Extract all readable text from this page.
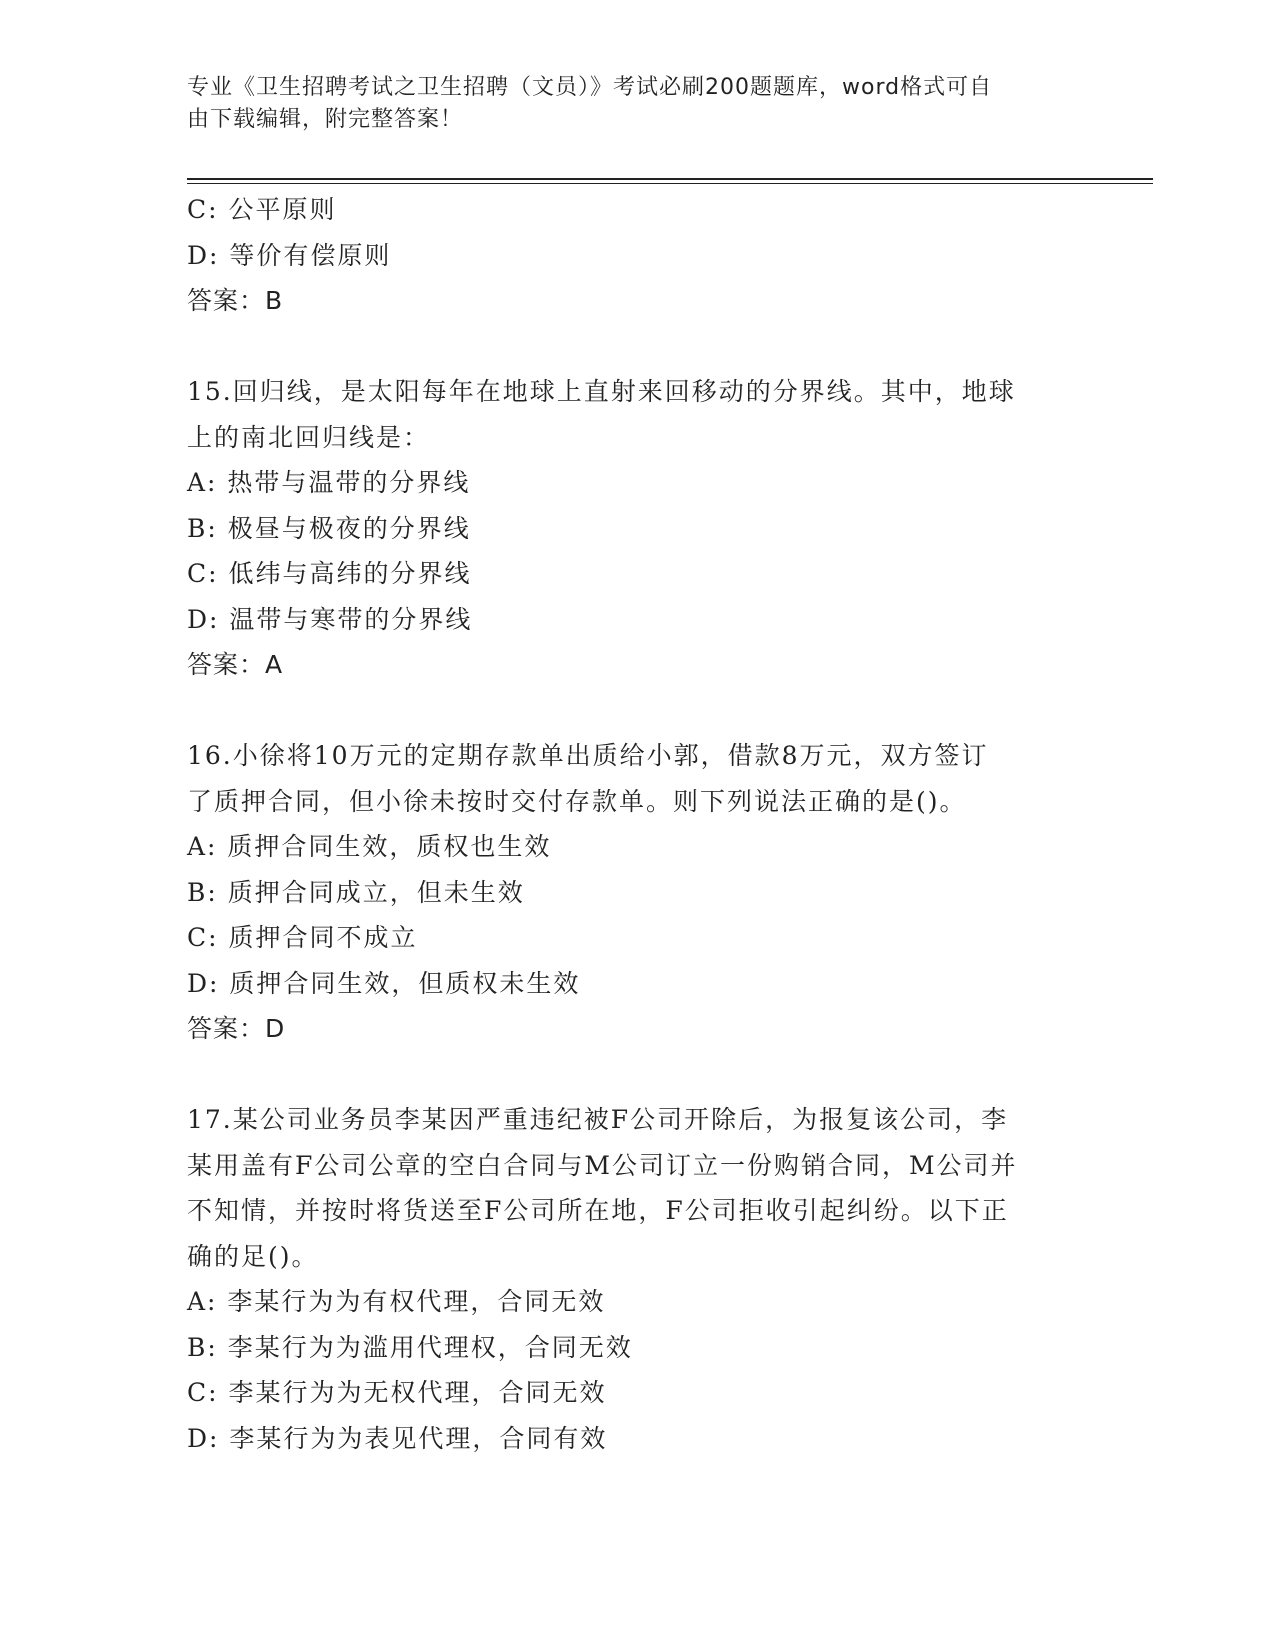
专业《卫生招聘考试之卫生招聘（文员）》考试必刷200题题库，word格式可自
由下载编辑，附完整答案！
C: 公平原则
D: 等价有偿原则
答案：B
15.回归线，是太阳每年在地球上直射来回移动的分界线。其中，地球
上的南北回归线是：
A: 热带与温带的分界线
B: 极昼与极夜的分界线
C: 低纬与高纬的分界线
D: 温带与寒带的分界线
答案：A
16.小徐将10万元的定期存款单出质给小郭，借款8万元，双方签订
了质押合同，但小徐未按时交付存款单。则下列说法正确的是()。
A: 质押合同生效，质权也生效
B: 质押合同成立，但未生效
C: 质押合同不成立
D: 质押合同生效，但质权未生效
答案：D
17.某公司业务员李某因严重违纪被F公司开除后，为报复该公司，李
某用盖有F公司公章的空白合同与M公司订立一份购销合同，M公司并
不知情，并按时将货送至F公司所在地，F公司拒收引起纠纷。以下正
确的足()。
A: 李某行为为有权代理，合同无效
B: 李某行为为滥用代理权，合同无效
C: 李某行为为无权代理，合同无效
D: 李某行为为表见代理，合同有效
